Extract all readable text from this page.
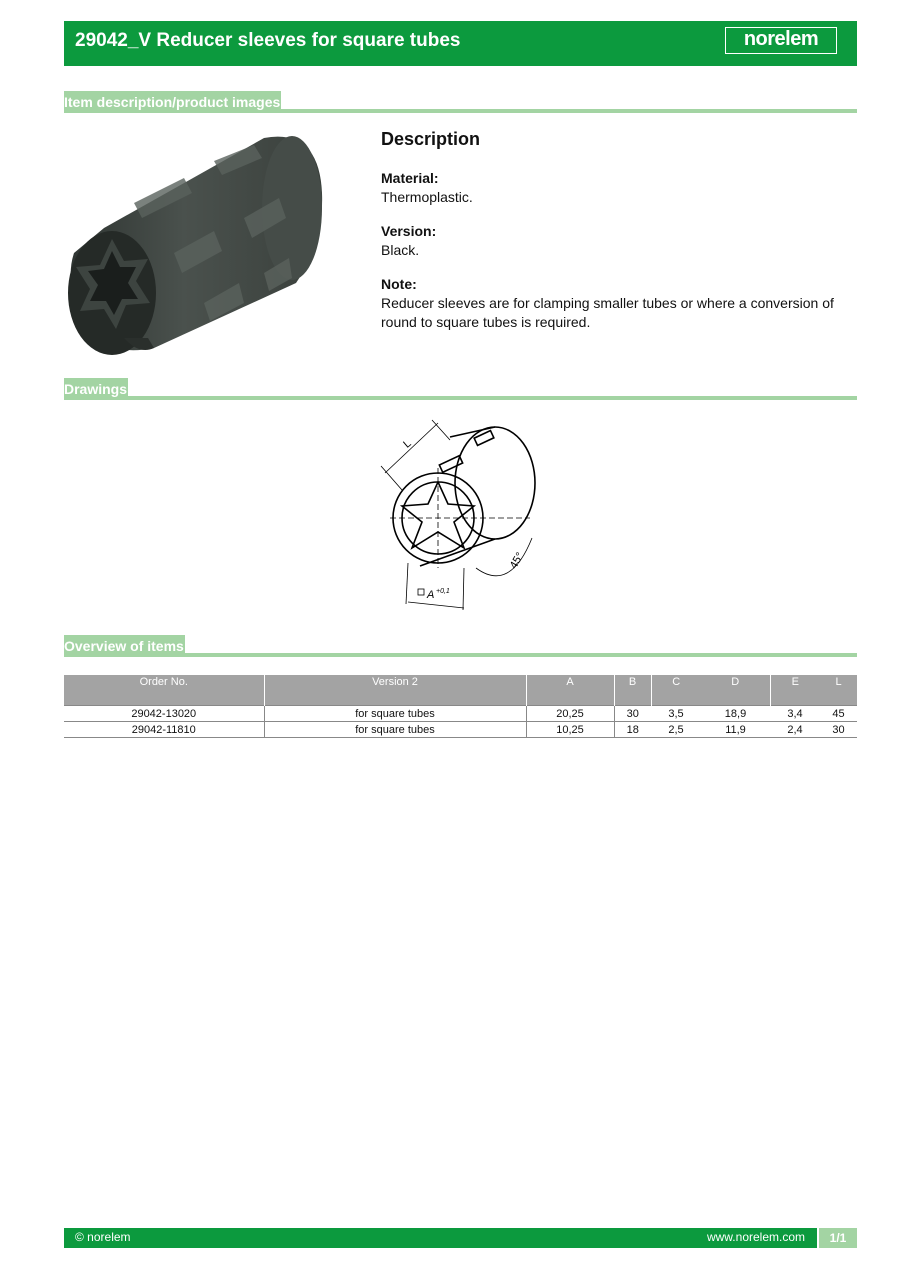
29042_V Reducer sleeves for square tubes	norelem
Item description/product images
Description
Material:
Thermoplastic.
Version:
Black.
Note:
Reducer sleeves are for clamping smaller tubes or where a conversion of round to square tubes is required.
Drawings
L
A +0,1
45°
Overview of items
Order No.	Version 2	A	B	C	D	E	L
29042-13020	for square tubes	20,25	30	3,5	18,9	3,4	45
29042-11810	for square tubes	10,25	18	2,5	11,9	2,4	30
© norelem	www.norelem.com	1/1
